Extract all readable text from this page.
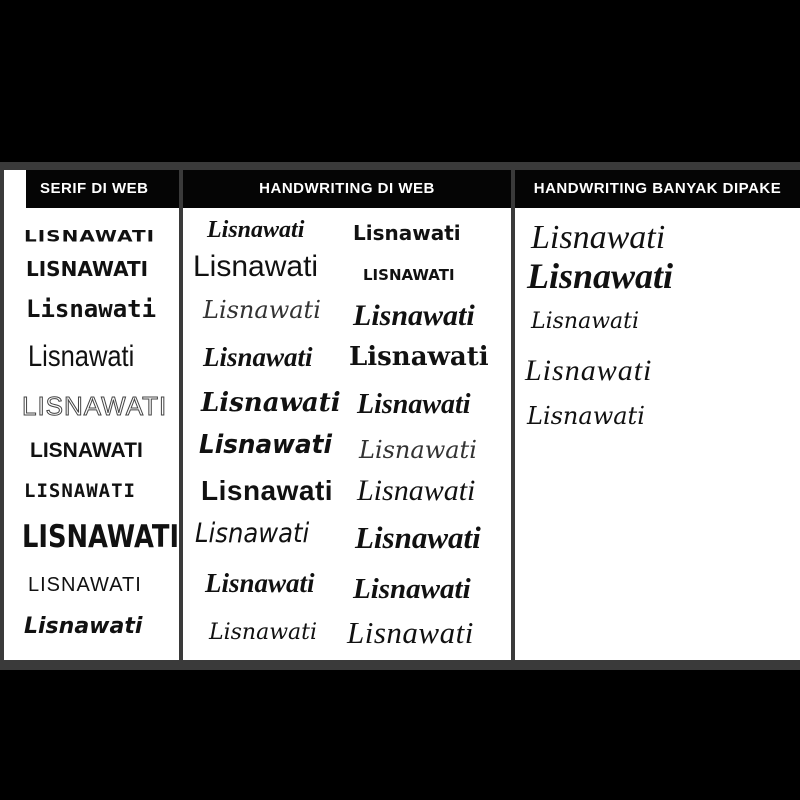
SERIF DI WEB
LISNAWATI
LISNAWATI
Lisnawati
Lisnawati
LISNAWATI
LISNAWATI
LISNAWATI
LISNAWATI
LISNAWATI
Lisnawati
HANDWRITING DI WEB
Lisnawati
Lisnawati
Lisnawati
Lisnawati
Lisnawati
Lisnawati
Lisnawati
Lisnawati
Lisnawati
Lisnawati
Lisnawati
LISNAWATI
Lisnawati
Lisnawati
Lisnawati
Lisnawati
Lisnawati
Lisnawati
Lisnawati
Lisnawati
HANDWRITING BANYAK DIPAKE
Lisnawati
Lisnawati
Lisnawati
Lisnawati
Lisnawati
